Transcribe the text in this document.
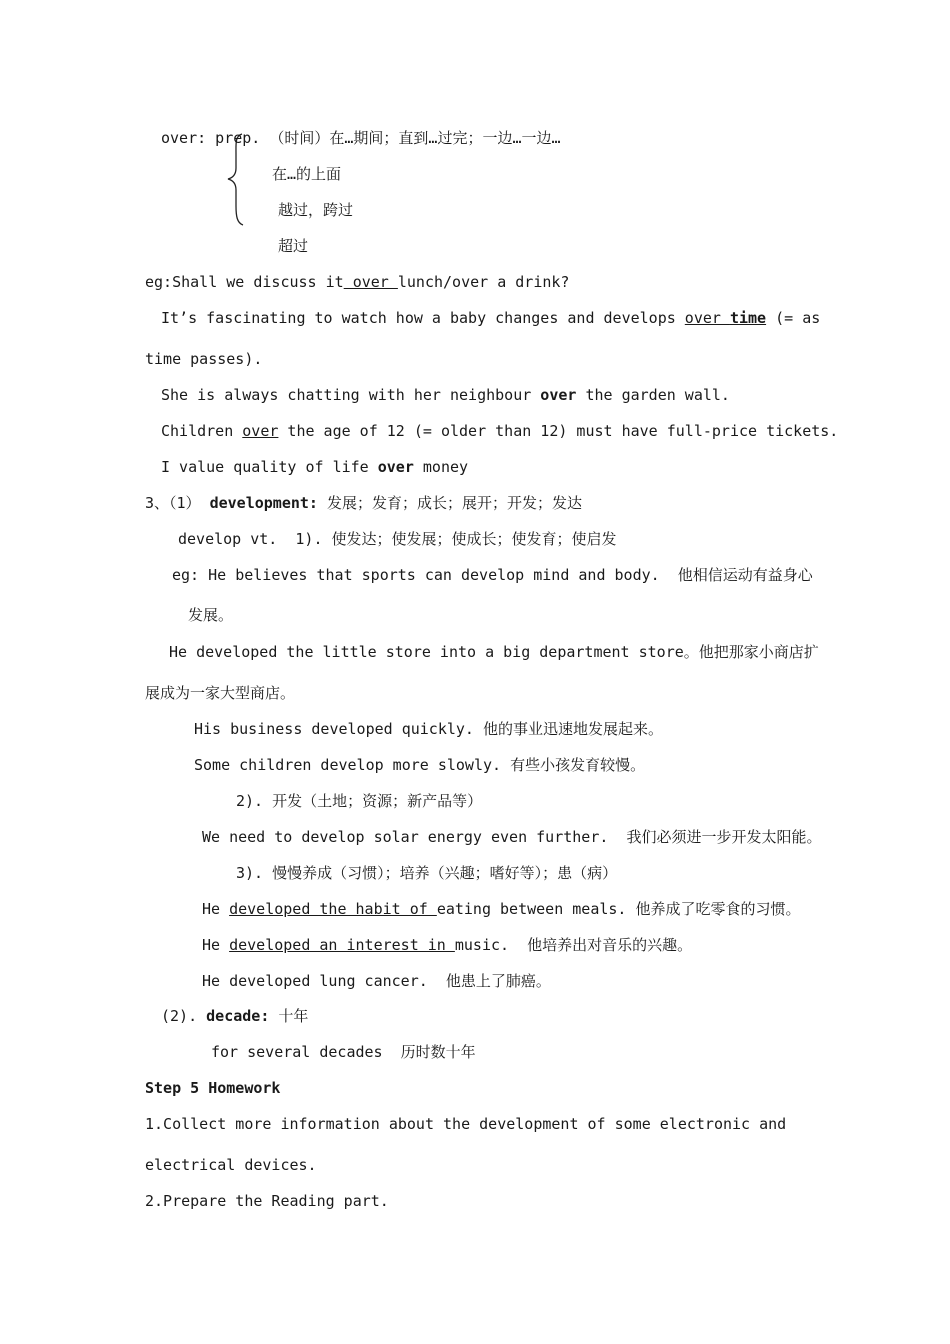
over: prep. （时间）在…期间；直到…过完；一边…一边…
在…的上面
越过，跨过
超过
eg:Shall we discuss it over lunch/over a drink?
It’s fascinating to watch how a baby changes and develops over time (= as
time passes).
She is always chatting with her neighbour over the garden wall.
Children over the age of 12 (= older than 12) must have full-price tickets.
I value quality of life over money
3、（1） development: 发展；发育；成长；展开；开发；发达
develop vt.  1). 使发达；使发展；使成长；使发育；使启发
eg: He believes that sports can develop mind and body.  他相信运动有益身心
发展。
He developed the little store into a big department store。他把那家小商店扩
展成为一家大型商店。
His business developed quickly. 他的事业迅速地发展起来。
Some children develop more slowly. 有些小孩发育较慢。
2). 开发（土地；资源；新产品等）
We need to develop solar energy even further.  我们必须进一步开发太阳能。
3). 慢慢养成（习惯）；培养（兴趣；嗜好等）；患（病）
He developed the habit of eating between meals. 他养成了吃零食的习惯。
He developed an interest in music.  他培养出对音乐的兴趣。
He developed lung cancer.  他患上了肺癌。
(2). decade: 十年
for several decades  历时数十年
Step 5 Homework
1.Collect more information about the development of some electronic and
electrical devices.
2.Prepare the Reading part.
